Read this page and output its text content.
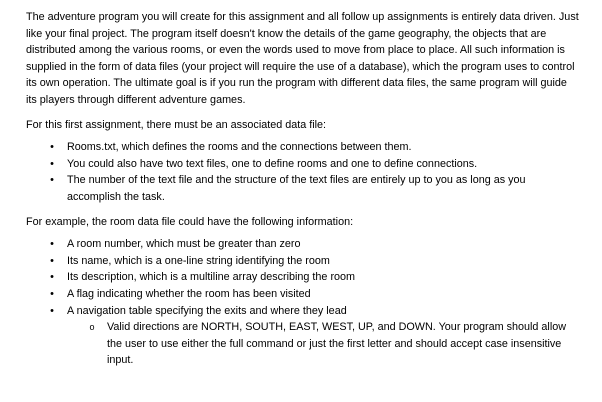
The adventure program you will create for this assignment and all follow up assignments is entirely data driven. Just like your final project. The program itself doesn't know the details of the game geography, the objects that are distributed among the various rooms, or even the words used to move from place to place. All such information is supplied in the form of data files (your project will require the use of a database), which the program uses to control its own operation. The ultimate goal is if you run the program with different data files, the same program will guide its players through different adventure games.

For this first assignment, there must be an associated data file:

• Rooms.txt, which defines the rooms and the connections between them.
• You could also have two text files, one to define rooms and one to define connections.
• The number of the text file and the structure of the text files are entirely up to you as long as you accomplish the task.

For example, the room data file could have the following information:

• A room number, which must be greater than zero
• Its name, which is a one-line string identifying the room
• Its description, which is a multiline array describing the room
• A flag indicating whether the room has been visited
• A navigation table specifying the exits and where they lead
o Valid directions are NORTH, SOUTH, EAST, WEST, UP, and DOWN. Your program should allow the user to use either the full command or just the first letter and should accept case insensitive input.
